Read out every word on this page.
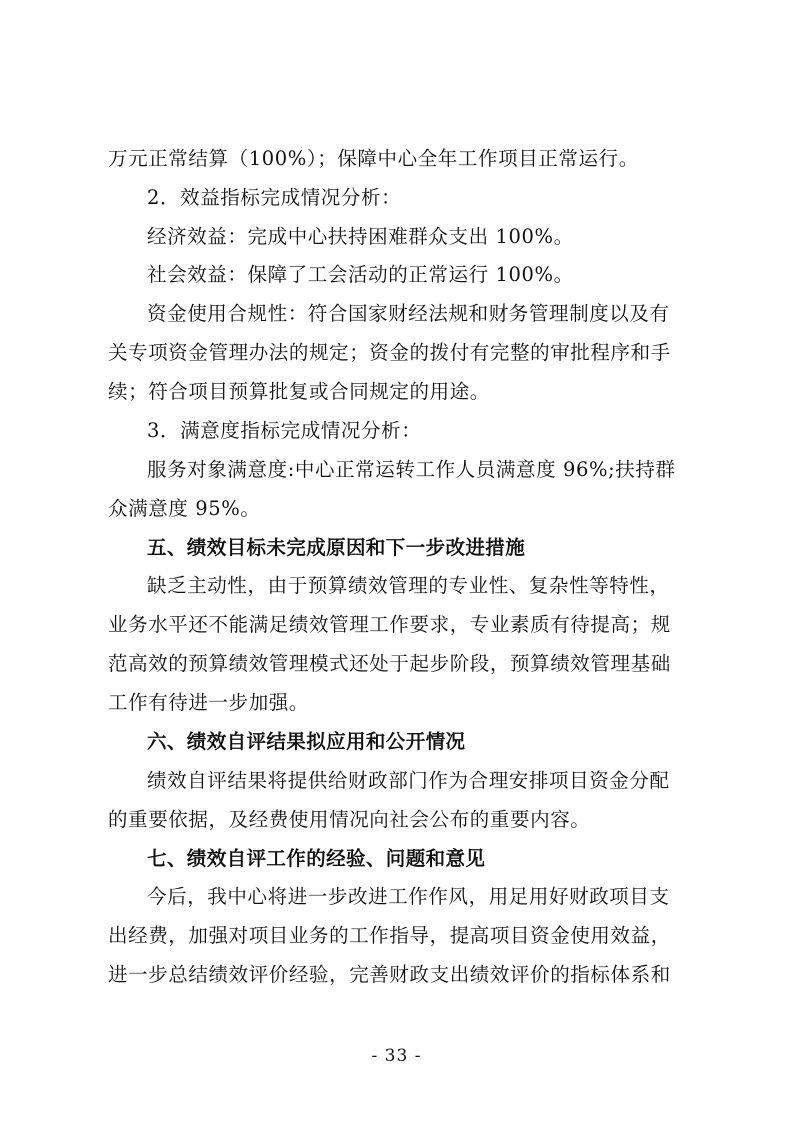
万元正常结算（100%）；保障中心全年工作项目正常运行。
2．效益指标完成情况分析：
经济效益：完成中心扶持困难群众支出 100%。
社会效益：保障了工会活动的正常运行 100%。
资金使用合规性：符合国家财经法规和财务管理制度以及有
关专项资金管理办法的规定；资金的拨付有完整的审批程序和手
续；符合项目预算批复或合同规定的用途。
3．满意度指标完成情况分析：
服务对象满意度:中心正常运转工作人员满意度 96%;扶持群
众满意度 95%。
五、绩效目标未完成原因和下一步改进措施
缺乏主动性，由于预算绩效管理的专业性、复杂性等特性，
业务水平还不能满足绩效管理工作要求，专业素质有待提高；规
范高效的预算绩效管理模式还处于起步阶段，预算绩效管理基础
工作有待进一步加强。
六、绩效自评结果拟应用和公开情况
绩效自评结果将提供给财政部门作为合理安排项目资金分配
的重要依据，及经费使用情况向社会公布的重要内容。
七、绩效自评工作的经验、问题和意见
今后，我中心将进一步改进工作作风，用足用好财政项目支
出经费，加强对项目业务的工作指导，提高项目资金使用效益，
进一步总结绩效评价经验，完善财政支出绩效评价的指标体系和
- 33 -
